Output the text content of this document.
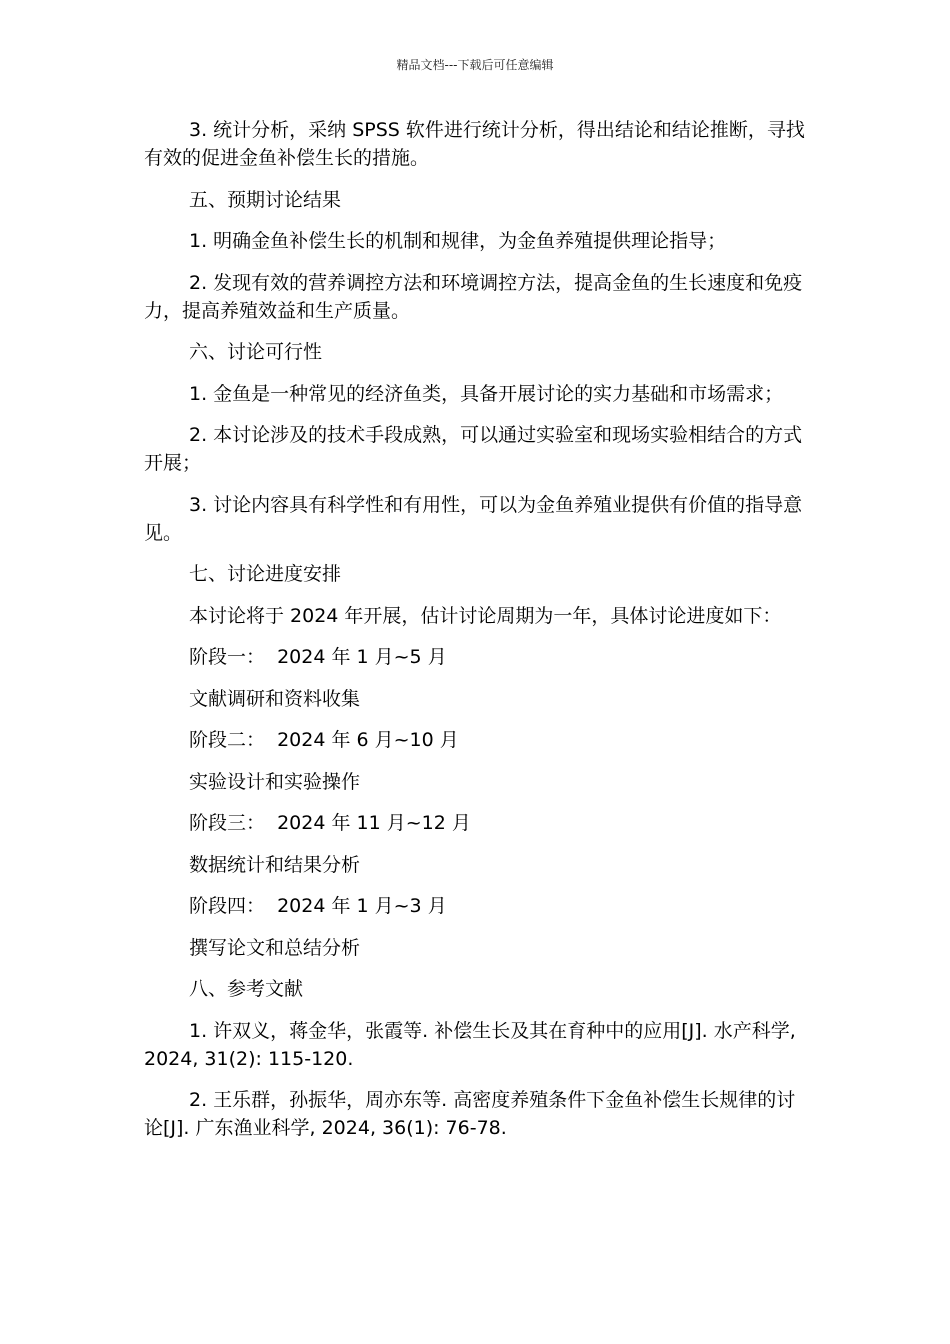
精品文档---下载后可任意编辑

3. 统计分析，采纳 SPSS 软件进行统计分析，得出结论和结论推断，寻找有效的促进金鱼补偿生长的措施。

五、预期讨论结果

1. 明确金鱼补偿生长的机制和规律，为金鱼养殖提供理论指导；

2. 发现有效的营养调控方法和环境调控方法，提高金鱼的生长速度和免疫力，提高养殖效益和生产质量。

六、讨论可行性

1. 金鱼是一种常见的经济鱼类，具备开展讨论的实力基础和市场需求；

2. 本讨论涉及的技术手段成熟，可以通过实验室和现场实验相结合的方式开展；

3. 讨论内容具有科学性和有用性，可以为金鱼养殖业提供有价值的指导意见。

七、讨论进度安排

本讨论将于 2024 年开展，估计讨论周期为一年，具体讨论进度如下：

阶段一：  2024 年 1 月~5 月

文献调研和资料收集

阶段二：  2024 年 6 月~10 月

实验设计和实验操作

阶段三：  2024 年 11 月~12 月

数据统计和结果分析

阶段四：  2024 年 1 月~3 月

撰写论文和总结分析

八、参考文献

1. 许双义，蒋金华，张霞等. 补偿生长及其在育种中的应用[J]. 水产科学, 2024, 31(2): 115-120.

2. 王乐群，孙振华，周亦东等. 高密度养殖条件下金鱼补偿生长规律的讨论[J]. 广东渔业科学, 2024, 36(1): 76-78.
